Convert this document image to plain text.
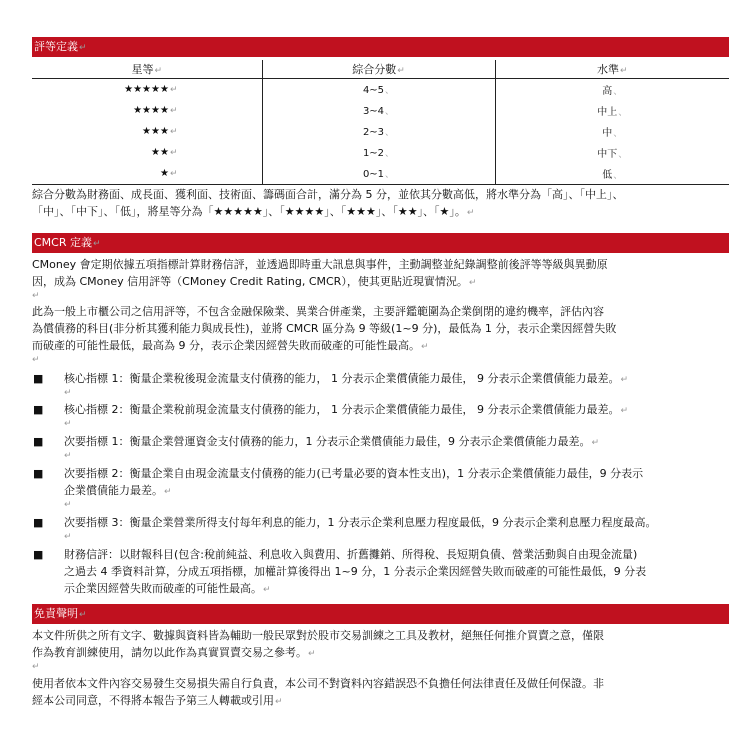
評等定義↵
星等↵	綜合分數↵	水準↵
★★★★★↵	4~5、	高、
★★★★↵	3~4、	中上、
★★★↵	2~3、	中、
★★↵	1~2、	中下、
★↵	0~1、	低、
綜合分數為財務面、成長面、獲利面、技術面、籌碼面合計，滿分為 5 分，並依其分數高低，將水準分為「高」、「中上」、
「中」、「中下」、「低」，將星等分為「★★★★★」、「★★★★」、「★★★」、「★★」、「★」。↵
CMCR 定義↵
CMoney 會定期依據五項指標計算財務信評，並透過即時重大訊息與事件，主動調整並紀錄調整前後評等等級與異動原
因，成為 CMoney 信用評等（CMoney Credit Rating, CMCR），使其更貼近現實情況。↵
↵
此為一般上市櫃公司之信用評等，不包含金融保險業、異業合併產業，主要評鑑範圍為企業倒閉的違約機率，評估內容
為償債務的科目(非分析其獲利能力與成長性)，並將 CMCR 區分為 9 等級(1~9 分)，最低為 1 分，表示企業因經營失敗
而破產的可能性最低，最高為 9 分，表示企業因經營失敗而破產的可能性最高。↵
↵
■ 核心指標 1：衡量企業稅後現金流量支付債務的能力， 1 分表示企業償債能力最佳， 9 分表示企業償債能力最差。↵
↵
■ 核心指標 2：衡量企業稅前現金流量支付債務的能力， 1 分表示企業償債能力最佳， 9 分表示企業償債能力最差。↵
↵
■ 次要指標 1：衡量企業營運資金支付債務的能力，1 分表示企業償債能力最佳，9 分表示企業償債能力最差。↵
↵
■ 次要指標 2：衡量企業自由現金流量支付債務的能力(已考量必要的資本性支出)，1 分表示企業償債能力最佳，9 分表示
企業償債能力最差。↵
↵
■ 次要指標 3：衡量企業營業所得支付每年利息的能力，1 分表示企業利息壓力程度最低，9 分表示企業利息壓力程度最高。
↵
■ 財務信評：以財報科目(包含:稅前純益、利息收入與費用、折舊攤銷、所得稅、長短期負債、營業活動與自由現金流量)
之過去 4 季資料計算，分成五項指標，加權計算後得出 1~9 分，1 分表示企業因經營失敗而破產的可能性最低，9 分表
示企業因經營失敗而破產的可能性最高。↵
免責聲明↵
本文件所供之所有文字、數據與資料皆為輔助一般民眾對於股市交易訓練之工具及教材，絕無任何推介買賣之意，僅限
作為教育訓練使用，請勿以此作為真實買賣交易之參考。↵
↵
使用者依本文件內容交易發生交易損失需自行負責，本公司不對資料內容錯誤恐不負擔任何法律責任及做任何保證。非
經本公司同意，不得將本報告予第三人轉載或引用↵
